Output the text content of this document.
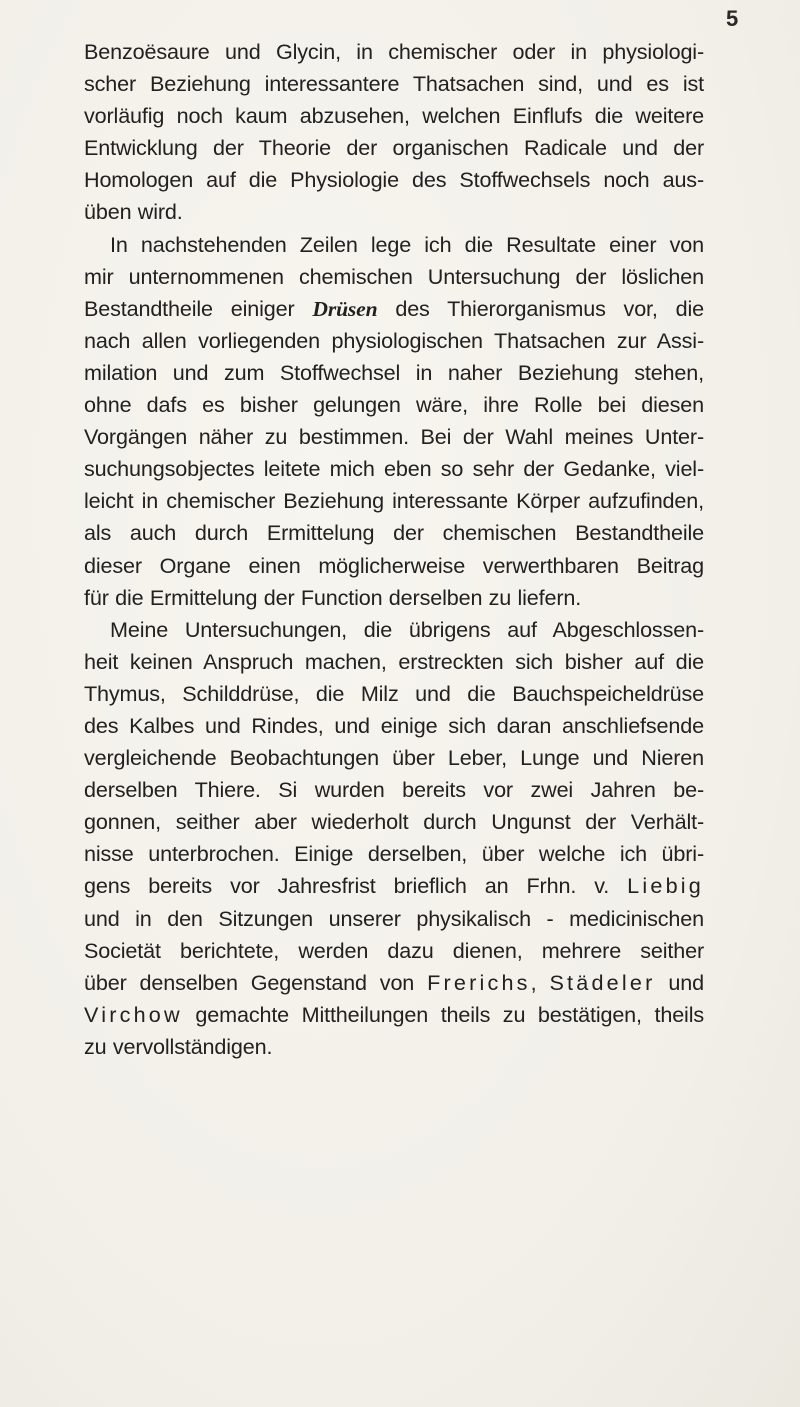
5
Benzoësaure und Glycin, in chemischer oder in physiologi-
scher Beziehung interessantere Thatsachen sind, und es ist
vorläufig noch kaum abzusehen, welchen Einflufs die weitere
Entwicklung der Theorie der organischen Radicale und der
Homologen auf die Physiologie des Stoffwechsels noch aus-
üben wird.
In nachstehenden Zeilen lege ich die Resultate einer von
mir unternommenen chemischen Untersuchung der löslichen
Bestandtheile einiger Drüsen des Thierorganismus vor, die
nach allen vorliegenden physiologischen Thatsachen zur Assi-
milation und zum Stoffwechsel in naher Beziehung stehen,
ohne dafs es bisher gelungen wäre, ihre Rolle bei diesen
Vorgängen näher zu bestimmen. Bei der Wahl meines Unter-
suchungsobjectes leitete mich eben so sehr der Gedanke, viel-
leicht in chemischer Beziehung interessante Körper aufzufinden,
als auch durch Ermittelung der chemischen Bestandtheile
dieser Organe einen möglicherweise verwerthbaren Beitrag
für die Ermittelung der Function derselben zu liefern.
Meine Untersuchungen, die übrigens auf Abgeschlossen-
heit keinen Anspruch machen, erstreckten sich bisher auf die
Thymus, Schilddrüse, die Milz und die Bauchspeicheldrüse
des Kalbes und Rindes, und einige sich daran anschliefsende
vergleichende Beobachtungen über Leber, Lunge und Nieren
derselben Thiere. Si wurden bereits vor zwei Jahren be-
gonnen, seither aber wiederholt durch Ungunst der Verhält-
nisse unterbrochen. Einige derselben, über welche ich übri-
gens bereits vor Jahresfrist brieflich an Frhn. v. Liebig
und in den Sitzungen unserer physikalisch - medicinischen
Societät berichtete, werden dazu dienen, mehrere seither
über denselben Gegenstand von Frerichs, Städeler und
Virchow gemachte Mittheilungen theils zu bestätigen, theils
zu vervollständigen.
